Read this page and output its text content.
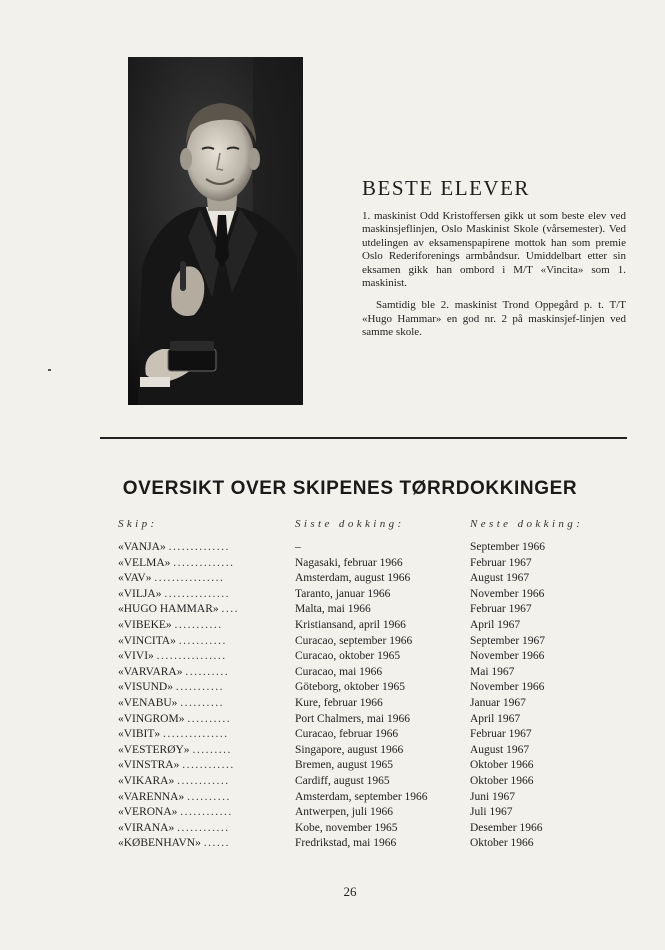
BESTE ELEVER

1. maskinist Odd Kristoffersen gikk ut som beste elev ved maskinsjeflinjen, Oslo Maskinist Skole (vårsemester). Ved utdelingen av eksamenspapirene mottok han som premie Oslo Rederiforenings armbåndsur. Umiddelbart etter sin eksamen gikk han ombord i M/T «Vincita» som 1. maskinist.

Samtidig ble 2. maskinist Trond Oppegård p. t. T/T «Hugo Hammar» en god nr. 2 på maskinsjef-linjen ved samme skole.

OVERSIKT OVER SKIPENES TØRRDOKKINGER
Skip:	Siste dokking:	Neste dokking:
«VANJA» ..............
«VELMA» ..............
«VAV» ................
«VILJA» ...............
«HUGO HAMMAR» ....
«VIBEKE» ...........
«VINCITA» ...........
«VIVI» ................
«VARVARA» ..........
«VISUND» ...........
«VENABU» ..........
«VINGROM» ..........
«VIBIT» ...............
«VESTERØY» .........
«VINSTRA» ............
«VIKARA» ............
«VARENNA» ..........
«VERONA» ............
«VIRANA» ............
«KØBENHAVN» ......
–
Nagasaki, februar 1966
Amsterdam, august 1966
Taranto, januar 1966
Malta, mai 1966
Kristiansand, april 1966
Curacao, september 1966
Curacao, oktober 1965
Curacao, mai 1966
Göteborg, oktober 1965
Kure, februar 1966
Port Chalmers, mai 1966
Curacao, februar 1966
Singapore, august 1966
Bremen, august 1965
Cardiff, august 1965
Amsterdam, september 1966
Antwerpen, juli 1966
Kobe, november 1965
Fredrikstad, mai 1966
September 1966
Februar 1967
August 1967
November 1966
Februar 1967
April 1967
September 1967
November 1966
Mai 1967
November 1966
Januar 1967
April 1967
Februar 1967
August 1967
Oktober 1966
Oktober 1966
Juni 1967
Juli 1967
Desember 1966
Oktober 1966
26
